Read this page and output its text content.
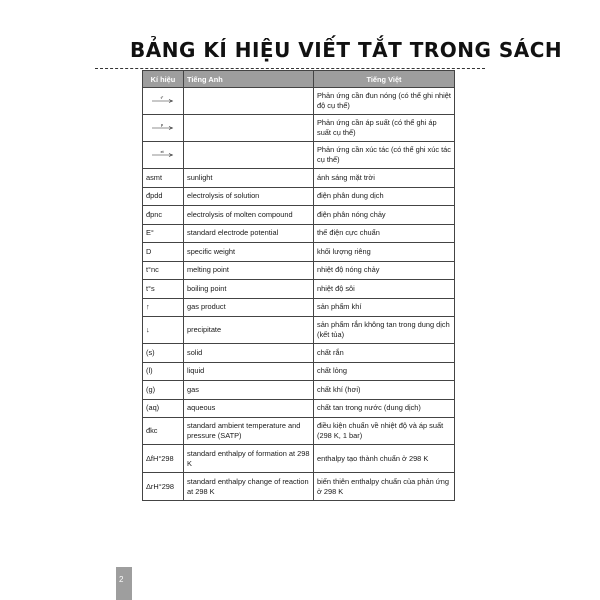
BẢNG KÍ HIỆU VIẾT TẮT TRONG SÁCH
Kí hiệu	Tiếng Anh	Tiếng Việt

t°		Phản ứng cần đun nóng (có thể ghi nhiệt độ cụ thể)

p		Phản ứng cần áp suất (có thể ghi áp suất cụ thể)

xt		Phản ứng cần xúc tác (có thể ghi xúc tác cụ thể)
asmt	sunlight	ánh sáng mặt trời
đpdd	electrolysis of solution	điện phân dung dịch
đpnc	electrolysis of molten compound	điện phân nóng chảy
E°	standard electrode potential	thế điện cực chuẩn
D	specific weight	khối lượng riêng
t°nc	melting point	nhiệt độ nóng chảy
t°s	boiling point	nhiệt độ sôi
↑	gas product	sản phẩm khí
↓	precipitate	sản phẩm rắn không tan trong dung dịch (kết tủa)
(s)	solid	chất rắn
(l)	liquid	chất lỏng
(g)	gas	chất khí (hơi)
(aq)	aqueous	chất tan trong nước (dung dịch)
đkc	standard ambient temperature and pressure (SATP)	điều kiện chuẩn về nhiệt độ và áp suất (298 K, 1 bar)
ΔfH°298	standard enthalpy of formation at 298 K	enthalpy tạo thành chuẩn ở 298 K
ΔrH°298	standard enthalpy change of reaction at 298 K	biến thiên enthalpy chuẩn của phản ứng ở 298 K
2
